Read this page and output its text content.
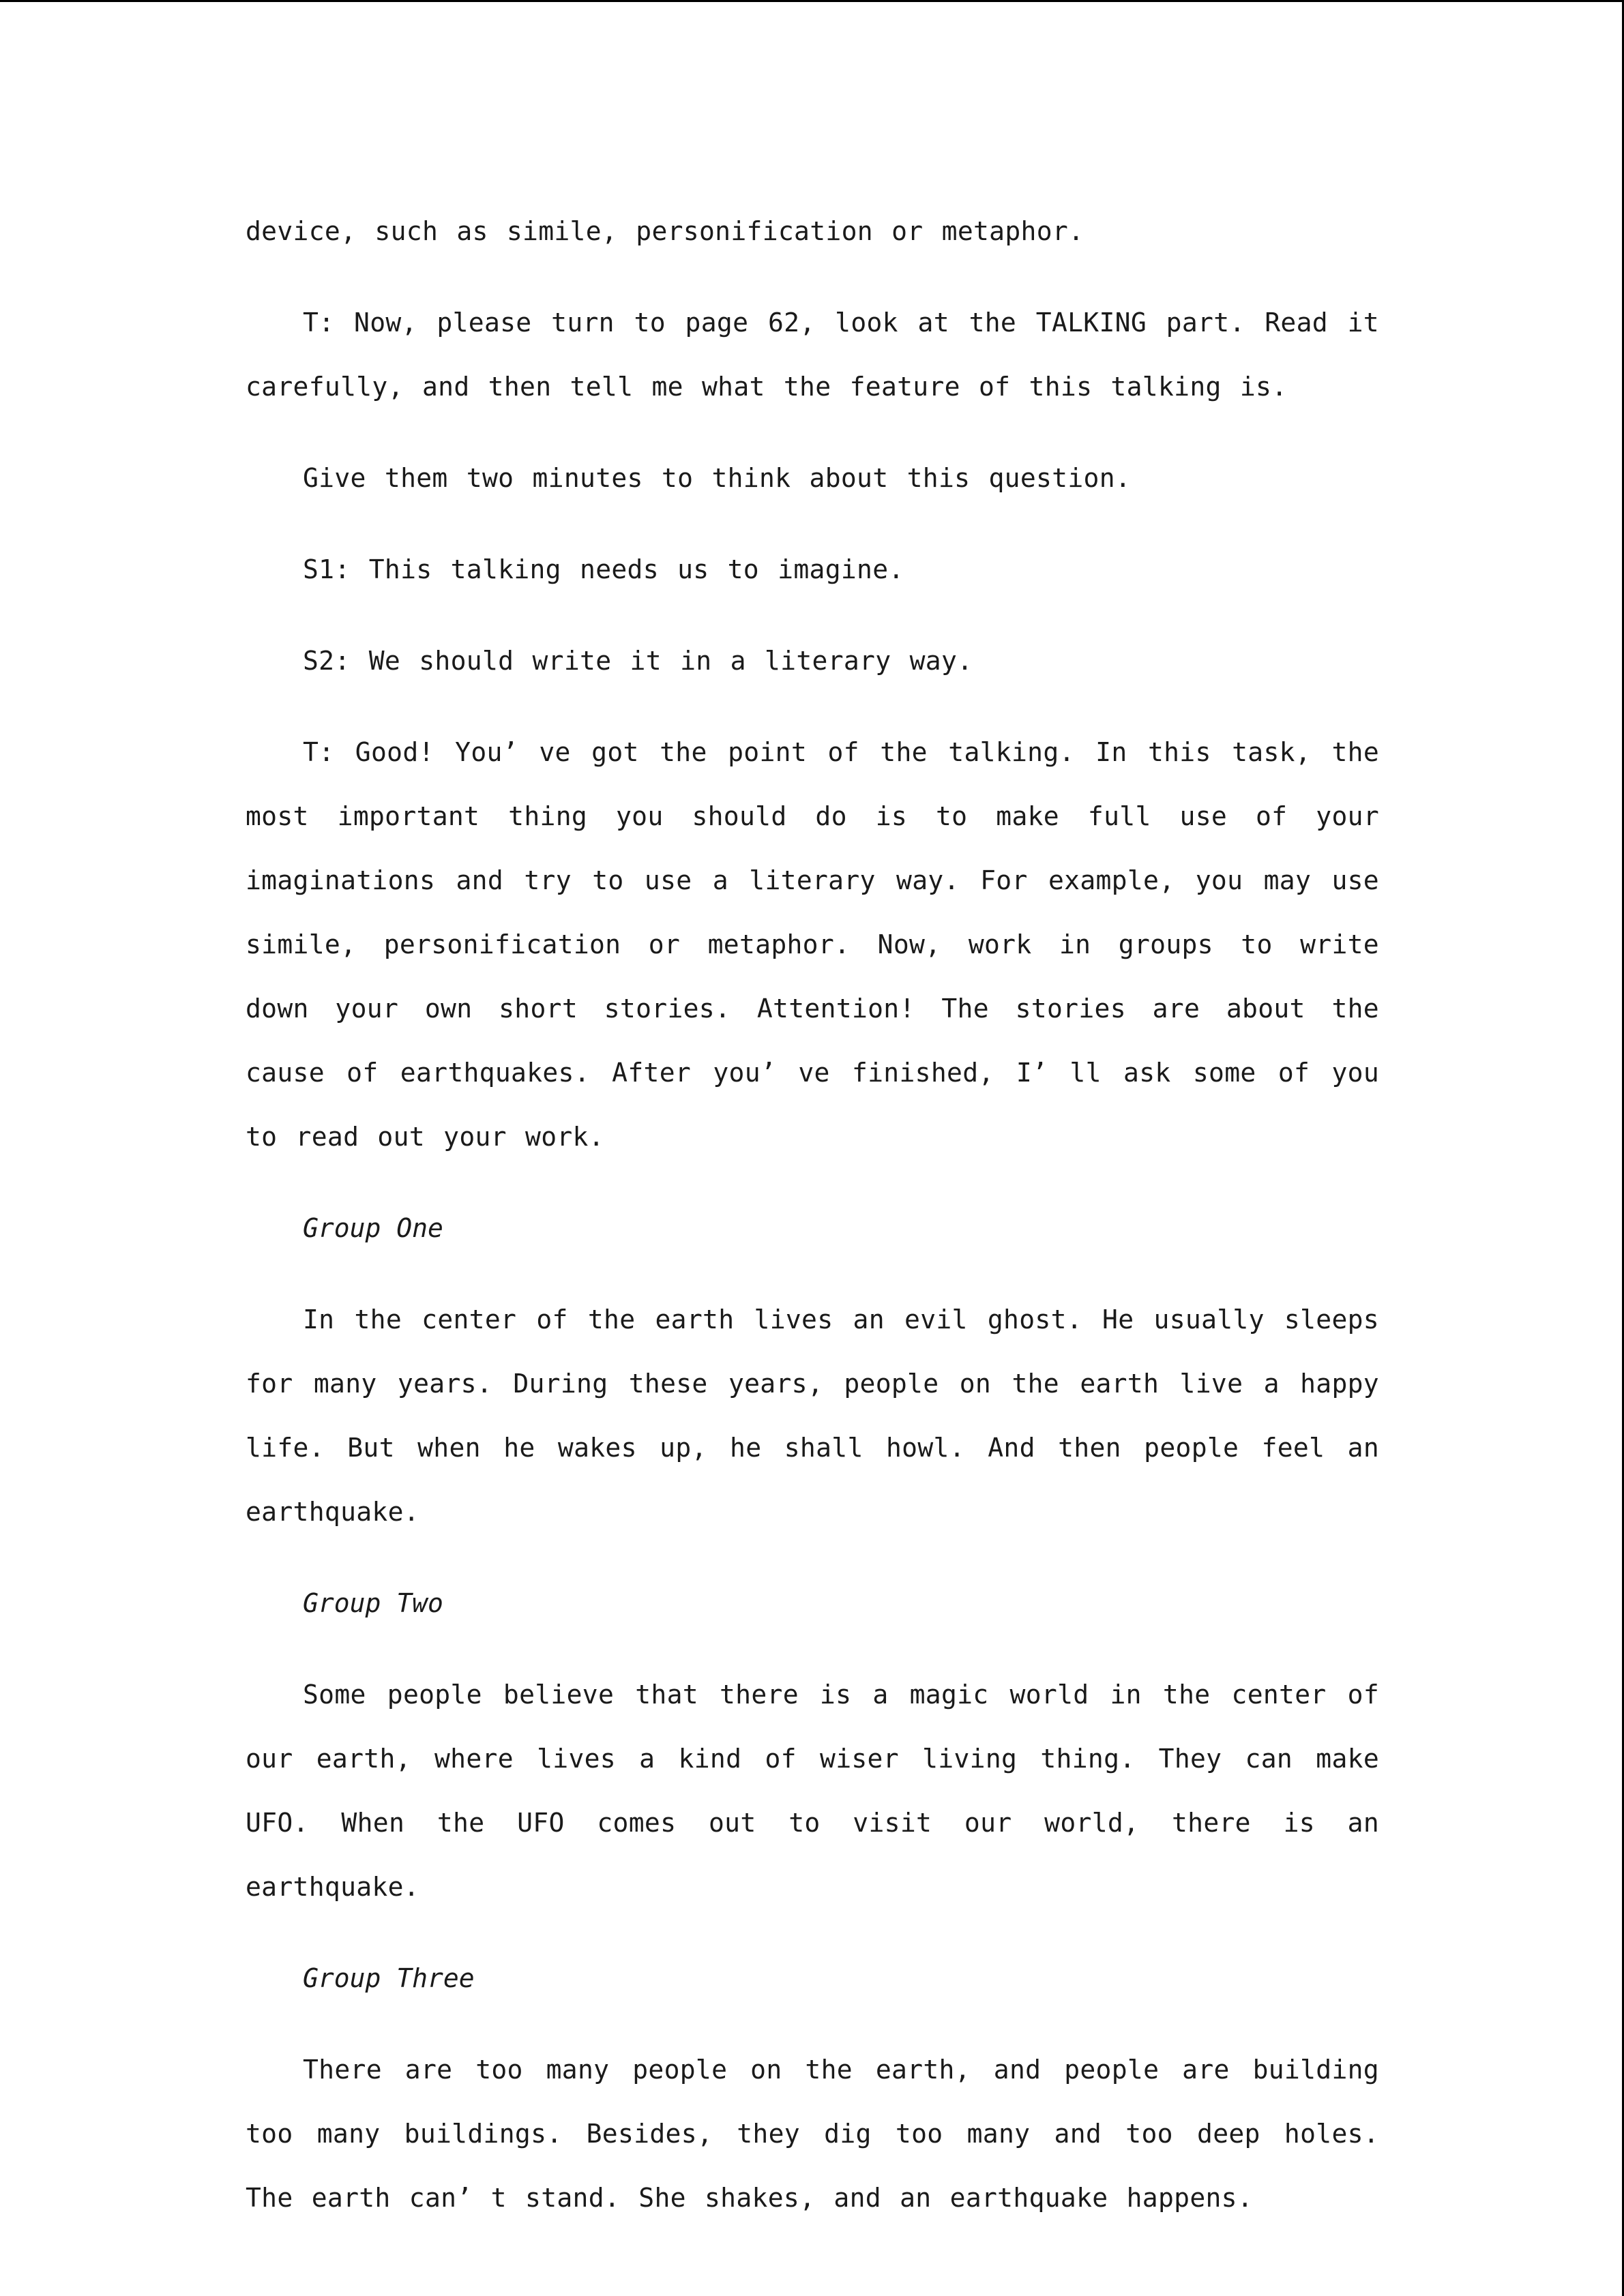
device, such as simile, personification or metaphor.

T: Now, please turn to page 62, look at the TALKING part. Read it carefully, and then tell me what the feature of this talking is.

Give them two minutes to think about this question.

S1: This talking needs us to imagine.

S2: We should write it in a literary way.

T: Good! You’ ve got the point of the talking. In this task, the most important thing you should do is to make full use of your imaginations and try to use a literary way. For example, you may use simile, personification or metaphor. Now, work in groups to write down your own short stories. Attention! The stories are about the cause of earthquakes. After you’ ve finished, I’ ll ask some of you to read out your work.

Group One

In the center of the earth lives an evil ghost. He usually sleeps for many years. During these years, people on the earth live a happy life. But when he wakes up, he shall howl. And then people feel an earthquake.

Group Two

Some people believe that there is a magic world in the center of our earth, where lives a kind of wiser living thing. They can make UFO. When the UFO comes out to visit our world, there is an earthquake.

Group Three

There are too many people on the earth, and people are building too many buildings. Besides, they dig too many and too deep holes. The earth can’ t stand. She shakes, and an earthquake happens.
